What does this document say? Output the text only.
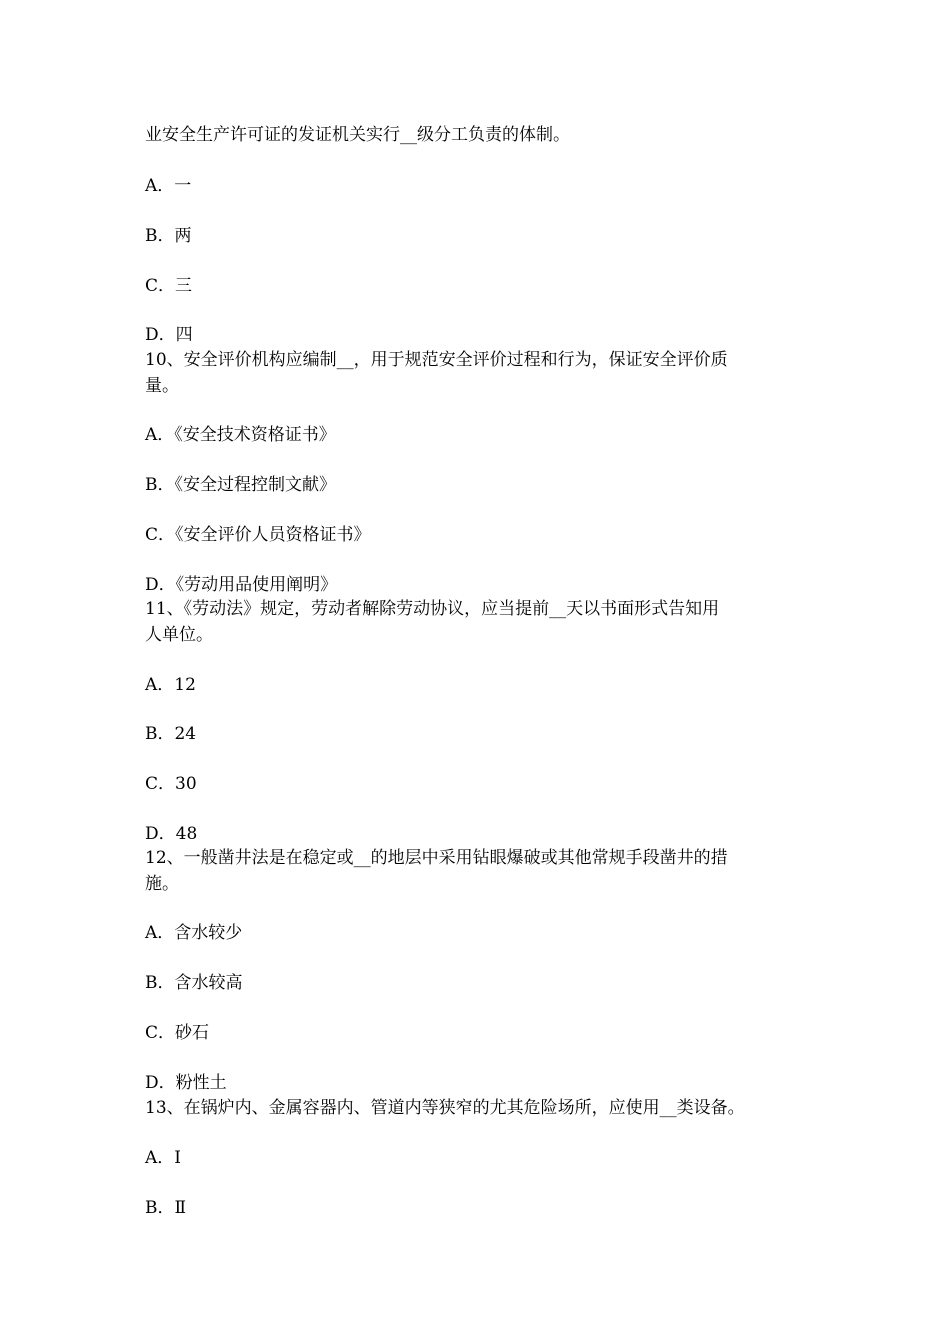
业安全生产许可证的发证机关实行__级分工负责的体制。
A．一
B．两
C．三
D．四
10、安全评价机构应编制__，用于规范安全评价过程和行为，保证安全评价质
量。
A．《安全技术资格证书》
B．《安全过程控制文献》
C．《安全评价人员资格证书》
D．《劳动用品使用阐明》
11、《劳动法》规定，劳动者解除劳动协议，应当提前__天以书面形式告知用
人单位。
A．12
B．24
C．30
D．48
12、一般凿井法是在稳定或__的地层中采用钻眼爆破或其他常规手段凿井的措
施。
A．含水较少
B．含水较高
C．砂石
D．粉性土
13、在锅炉内、金属容器内、管道内等狭窄的尤其危险场所，应使用__类设备。
A．Ⅰ
B．Ⅱ
